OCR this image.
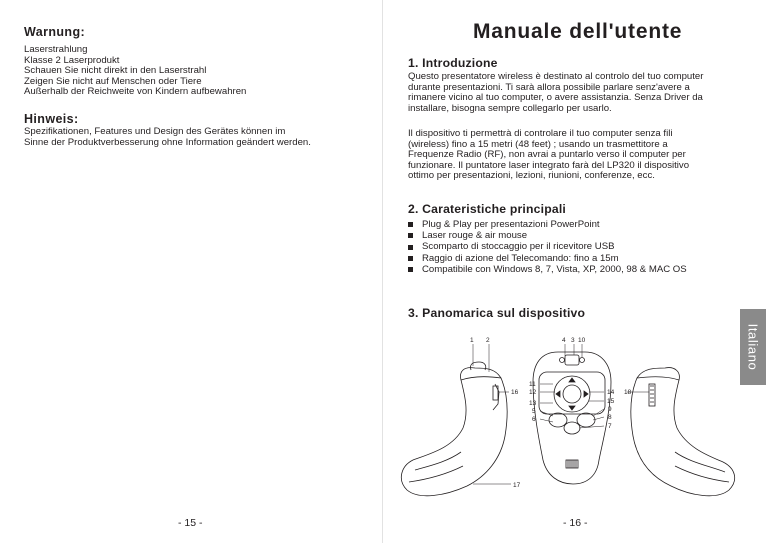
Warnung:
Laserstrahlung
Klasse 2 Laserprodukt
Schauen Sie nicht direkt in den Laserstrahl
Zeigen Sie nicht auf Menschen oder Tiere
Außerhalb der Reichweite von Kindern aufbewahren
Hinweis:
Spezifikationen, Features und Design des Gerätes können im
Sinne der Produktverbesserung ohne Information geändert werden.
- 15 -
Manuale dell'utente
1. Introduzione
Questo presentatore wireless è destinato al controlo del tuo computer
durante presentazioni. Ti sarà allora possibile parlare senz'avere a
rimanere vicino al tuo computer, o avere assistanzia. Senza Driver da
installare, bisogna sempre collegarlo per usarlo.
Il dispositivo ti permettrà di controlare il tuo computer senza fili
(wireless) fino a 15 metri (48 feet) ; usando un trasmettitore a
Frequenze Radio (RF), non avrai a puntarlo verso il computer per
funzionare. Il puntatore laser integrato farà del LP320 il dispositivo
ottimo per presentazioni, lezioni, riunioni, conferenze, ecc.
2. Carateristiche principali
Plug & Play per presentazioni PowerPoint
Laser rouge & air mouse
Scomparto di stoccaggio per il ricevitore USB
Raggio di azione del Telecomando: fino a 15m
Compatibile con Windows 8, 7, Vista, XP, 2000, 98 & MAC OS
3. Panomarica sul dispositivo
1 2	4 3 10
11
12
13
5
6
14
15
9
8
7
16	18
17
- 16 -
Italiano
